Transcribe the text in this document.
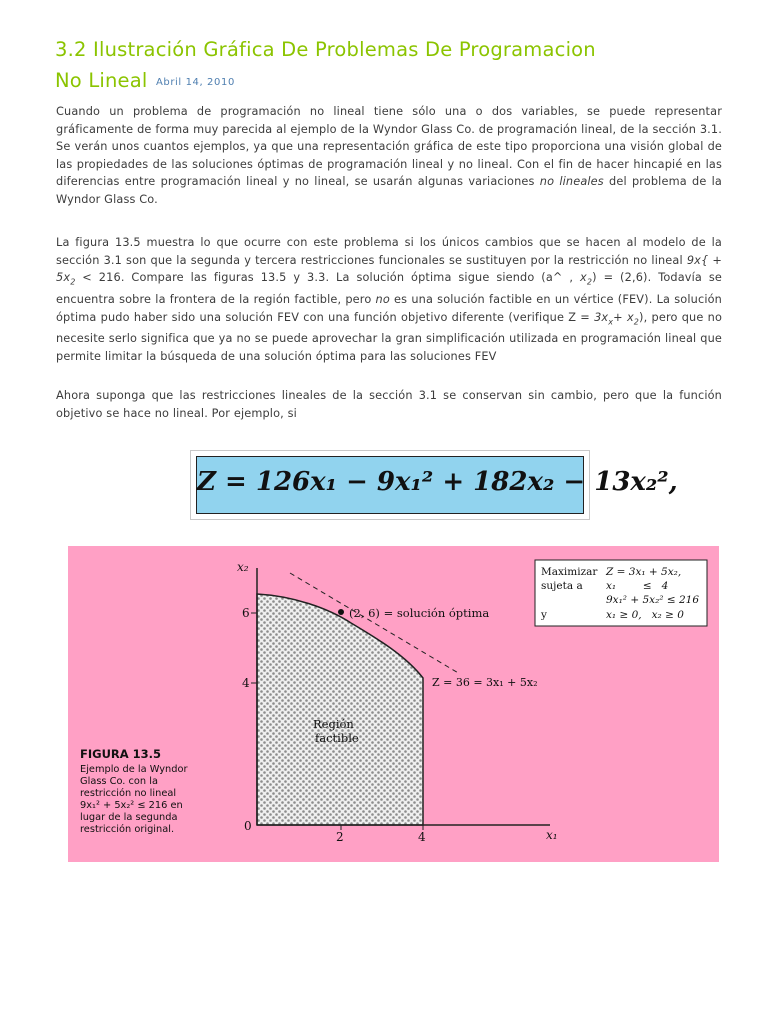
3.2 Ilustración Gráfica De Problemas De Programacion
No Lineal Abril 14, 2010

Cuando un problema de programación no lineal tiene sólo una o dos variables, se puede representar gráficamente de forma muy parecida al ejemplo de la Wyndor Glass Co. de programación lineal, de la sección 3.1. Se verán unos cuantos ejemplos, ya que una representación gráfica de este tipo proporciona una visión global de las propiedades de las soluciones óptimas de programación lineal y no lineal. Con el fin de hacer hincapié en las diferencias entre programación lineal y no lineal, se usarán algunas variaciones no lineales del problema de la Wyndor Glass Co.

La figura 13.5 muestra lo que ocurre con este problema si los únicos cambios que se hacen al modelo de la sección 3.1 son que la segunda y tercera restricciones funcionales se sustituyen por la restricción no lineal $9x\{ + 5x_2 < 216$. Compare las figuras 13.5 y 3.3. La solución óptima sigue siendo (a^ , $x_2) = (2,6)$. Todavía se encuentra sobre la frontera de la región factible, pero no es una solución factible en un vértice (FEV). La solución óptima pudo haber sido una solución FEV con una función objetivo diferente (verifique $Z = 3x_x+ x_2$), pero que no necesite serlo significa que ya no se puede aprovechar la gran simplificación utilizada en programación lineal que permite limitar la búsqueda de una solución óptima para las soluciones FEV

Ahora suponga que las restricciones lineales de la sección 3.1 se conservan sin cambio, pero que la función objetivo se hace no lineal. Por ejemplo, si

Z = 126x₁ − 9x₁² + 182x₂ − 13x₂²,
x₂
x₁
0
2	4
4
6	(2, 6) = solución óptima
Z = 36 = 3x₁ + 5x₂
Región
factible
FIGURA 13.5
Ejemplo de la Wyndor
Glass Co. con la
restricción no lineal
9x₁² + 5x₂² ≤ 216 en
lugar de la segunda
restricción original.
Maximizar Z = 3x₁ + 5x₂,
sujeta a x₁        ≤   4
9x₁² + 5x₂² ≤ 216
y	x₁ ≥ 0,   x₂ ≥ 0
